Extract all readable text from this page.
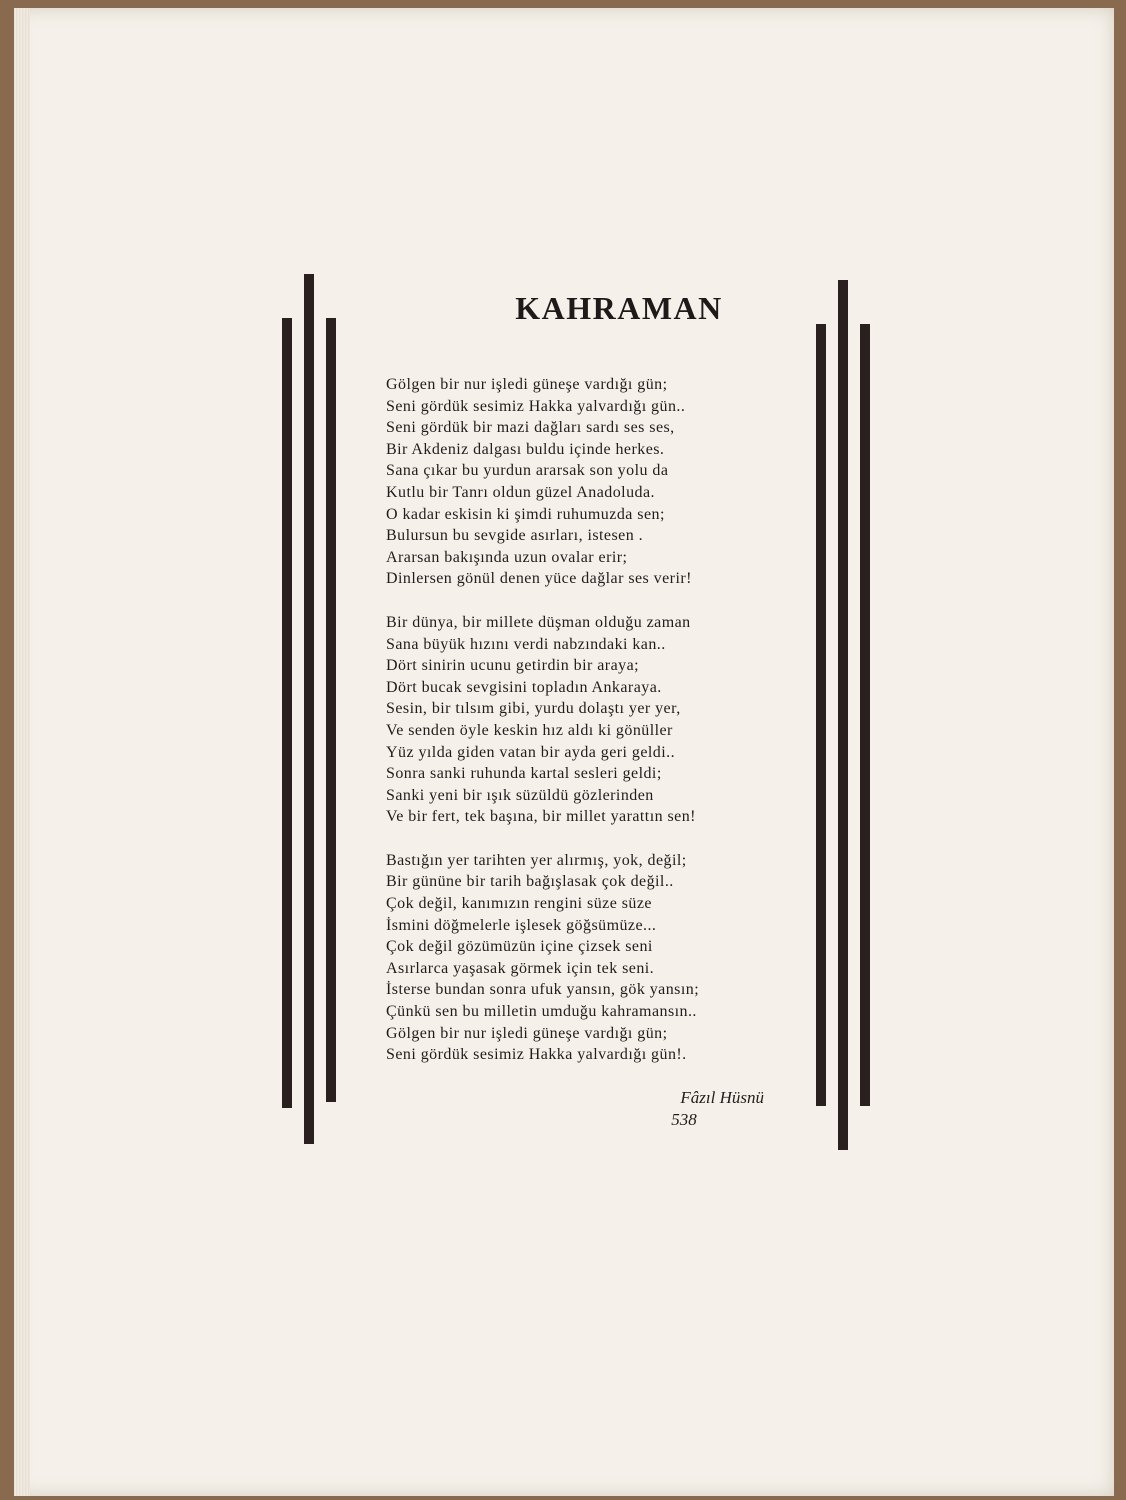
KAHRAMAN
Gölgen bir nur işledi güneşe vardığı gün;
Seni gördük sesimiz Hakka yalvardığı gün..
Seni gördük bir mazi dağları sardı ses ses,
Bir Akdeniz dalgası buldu içinde herkes.
Sana çıkar bu yurdun ararsak son yolu da
Kutlu bir Tanrı oldun güzel Anadoluda.
O kadar eskisin ki şimdi ruhumuzda sen;
Bulursun bu sevgide asırları, istesen .
Ararsan bakışında uzun ovalar erir;
Dinlersen gönül denen yüce dağlar ses verir!
Bir dünya, bir millete düşman olduğu zaman
Sana büyük hızını verdi nabzındaki kan..
Dört sinirin ucunu getirdin bir araya;
Dört bucak sevgisini topladın Ankaraya.
Sesin, bir tılsım gibi, yurdu dolaştı yer yer,
Ve senden öyle keskin hız aldı ki gönüller
Yüz yılda giden vatan bir ayda geri geldi..
Sonra sanki ruhunda kartal sesleri geldi;
Sanki yeni bir ışık süzüldü gözlerinden
Ve bir fert, tek başına, bir millet yarattın sen!
Bastığın yer tarihten yer alırmış, yok, değil;
Bir gününe bir tarih bağışlasak çok değil..
Çok değil, kanımızın rengini süze süze
İsmini döğmelerle işlesek göğsümüze...
Çok değil gözümüzün içine çizsek seni
Asırlarca yaşasak görmek için tek seni.
İsterse bundan sonra ufuk yansın, gök yansın;
Çünkü sen bu milletin umduğu kahramansın..
Gölgen bir nur işledi güneşe vardığı gün;
Seni gördük sesimiz Hakka yalvardığı gün!.
Fâzıl Hüsnü
538
